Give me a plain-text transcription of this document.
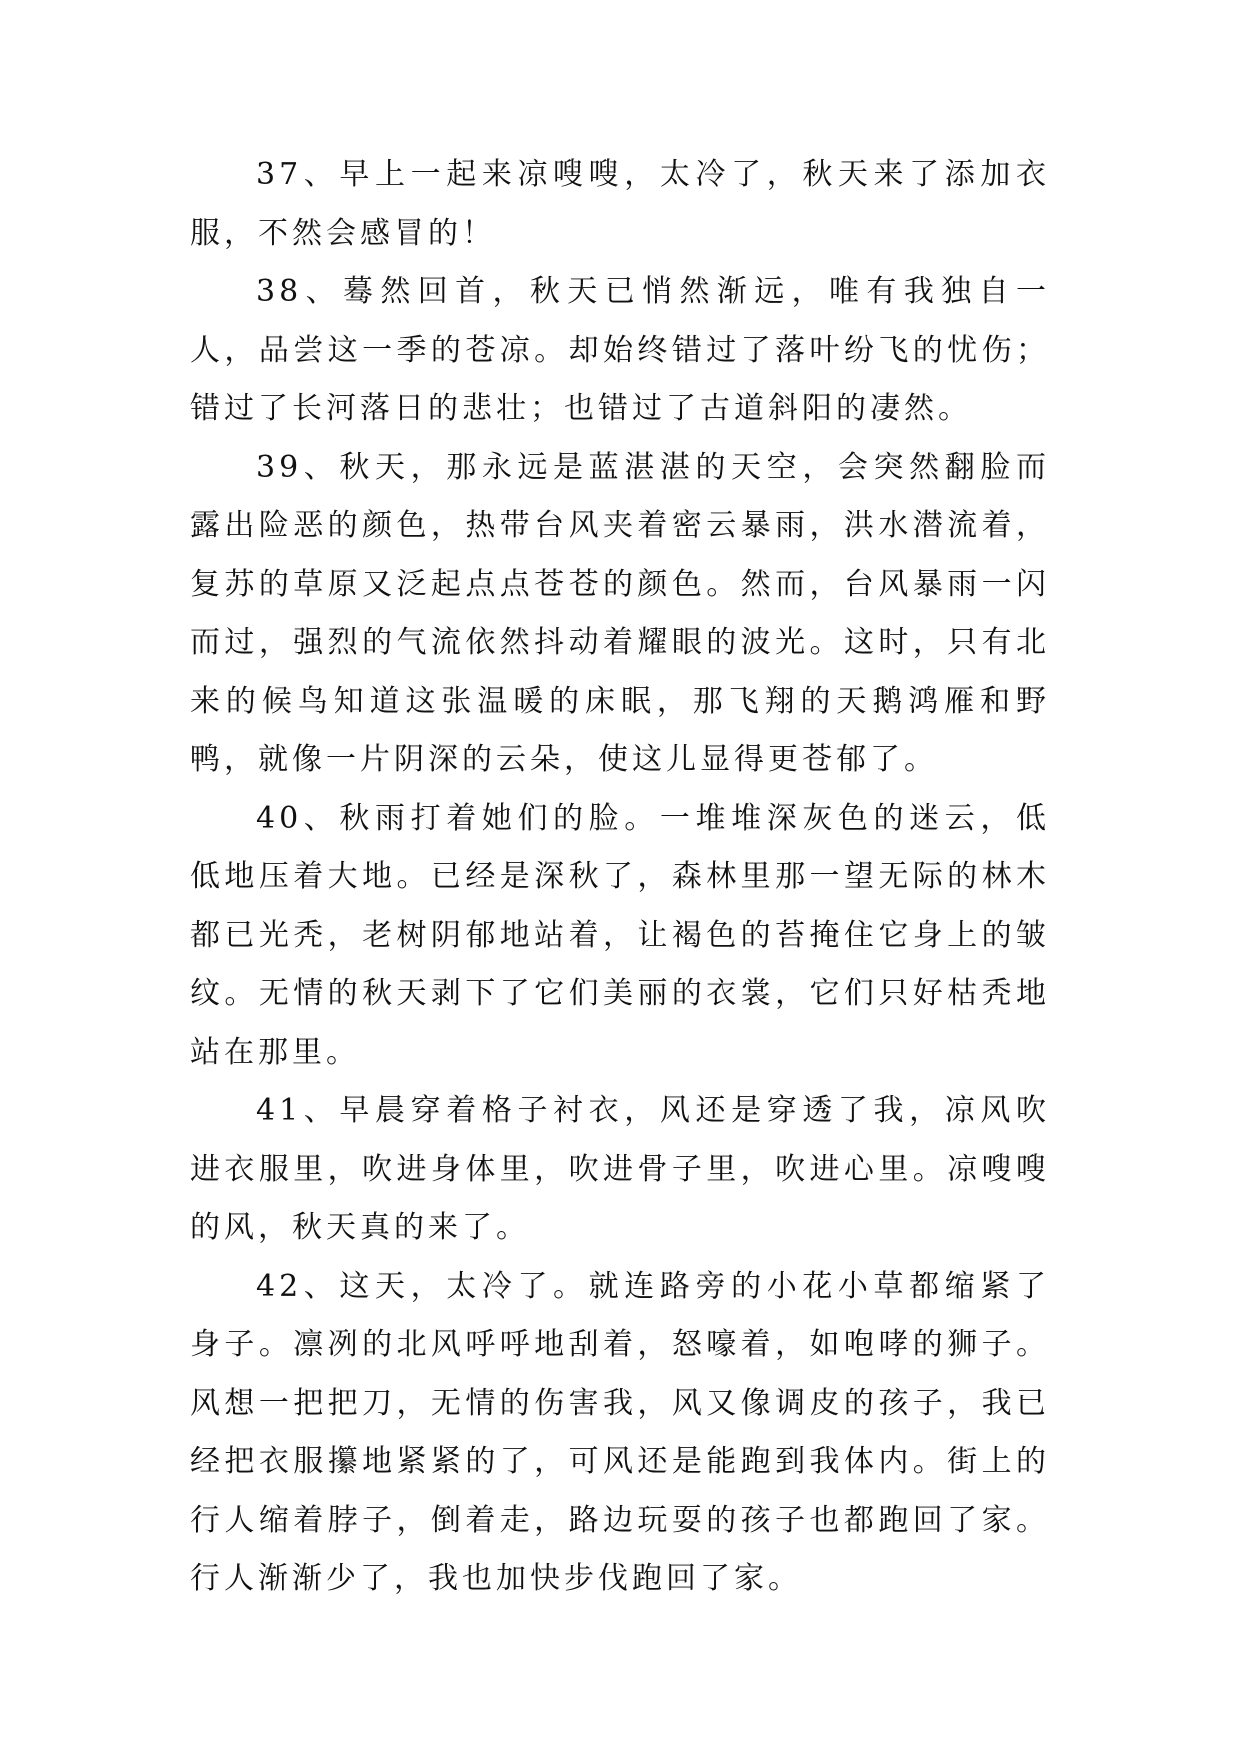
37、早上一起来凉嗖嗖，太冷了，秋天来了添加衣服，不然会感冒的！

38、蓦然回首，秋天已悄然渐远，唯有我独自一人，品尝这一季的苍凉。却始终错过了落叶纷飞的忧伤；错过了长河落日的悲壮；也错过了古道斜阳的凄然。

39、秋天，那永远是蓝湛湛的天空，会突然翻脸而露出险恶的颜色，热带台风夹着密云暴雨，洪水潜流着，复苏的草原又泛起点点苍苍的颜色。然而，台风暴雨一闪而过，强烈的气流依然抖动着耀眼的波光。这时，只有北来的候鸟知道这张温暖的床眠，那飞翔的天鹅鸿雁和野鸭，就像一片阴深的云朵，使这儿显得更苍郁了。

40、秋雨打着她们的脸。一堆堆深灰色的迷云，低低地压着大地。已经是深秋了，森林里那一望无际的林木都已光秃，老树阴郁地站着，让褐色的苔掩住它身上的皱纹。无情的秋天剥下了它们美丽的衣裳，它们只好枯秃地站在那里。

41、早晨穿着格子衬衣，风还是穿透了我，凉风吹进衣服里，吹进身体里，吹进骨子里，吹进心里。凉嗖嗖的风，秋天真的来了。

42、这天，太冷了。就连路旁的小花小草都缩紧了身子。凛冽的北风呼呼地刮着，怒嚎着，如咆哮的狮子。风想一把把刀，无情的伤害我，风又像调皮的孩子，我已经把衣服攥地紧紧的了，可风还是能跑到我体内。街上的行人缩着脖子，倒着走，路边玩耍的孩子也都跑回了家。行人渐渐少了，我也加快步伐跑回了家。
